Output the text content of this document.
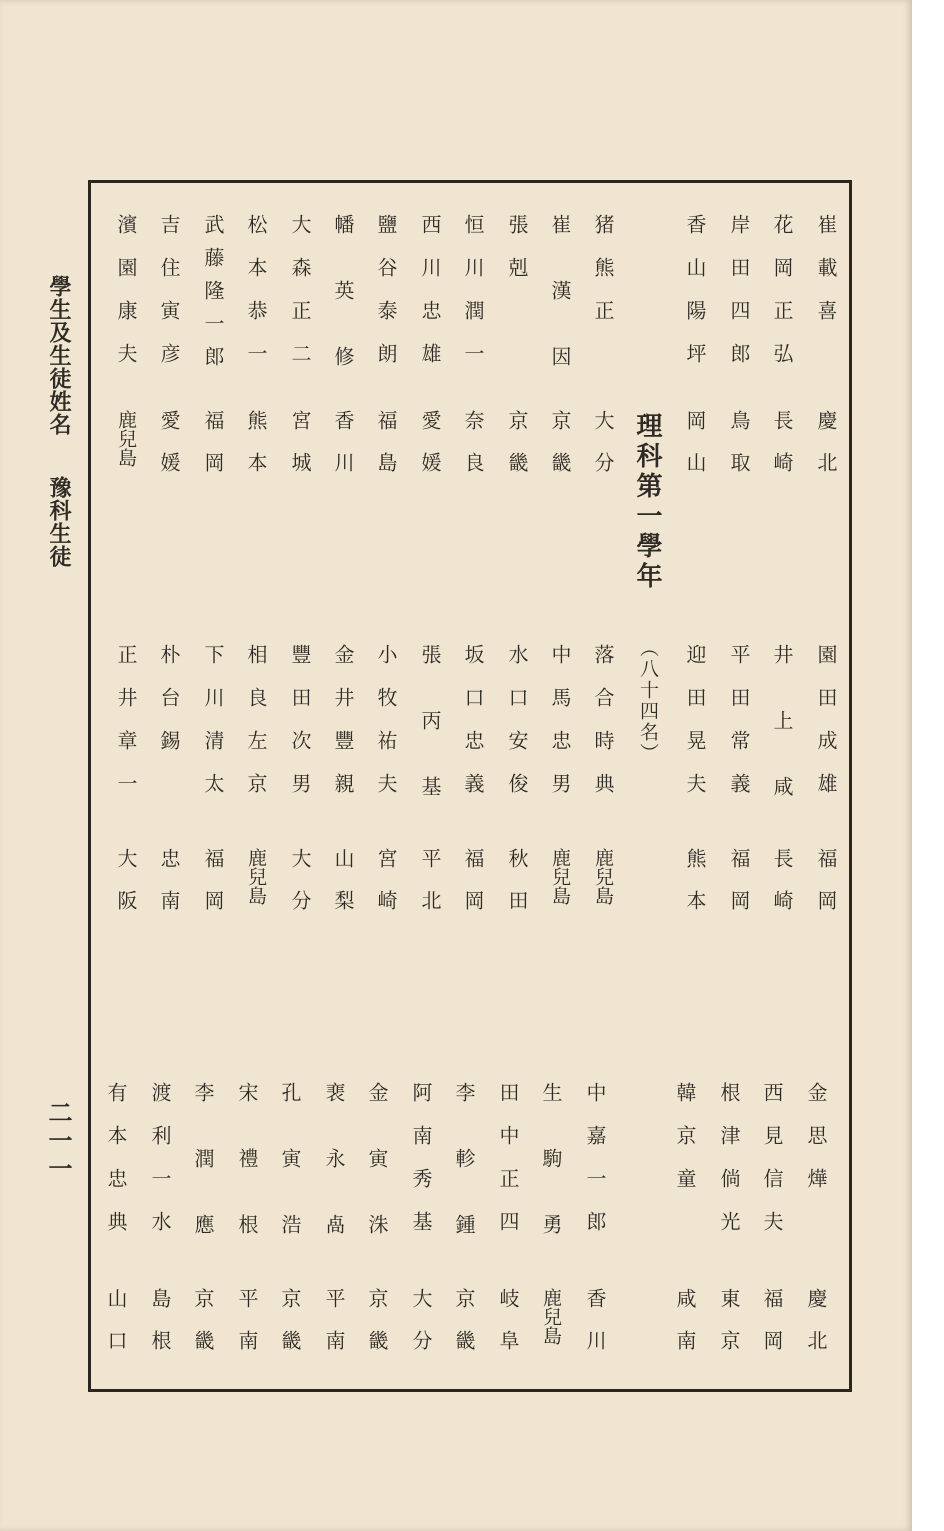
學生及生徒姓名豫科生徒
二一一
崔載喜
慶北
花岡正弘
長崎
岸田四郎
鳥取
香山陽坪
岡山
理科第一學年
（八十四名）
猪熊正
大分
崔漢因
京畿
張剋
京畿
恒川潤一
奈良
西川忠雄
愛媛
鹽谷泰朗
福島
幡英修
香川
大森正二
宮城
松本恭一
熊本
武藤隆一郎
福岡
吉住寅彦
愛媛
濱園康夫
鹿兒島
園田成雄
福岡
井上咸
長崎
平田常義
福岡
迎田晃夫
熊本
落合時典
鹿兒島
中馬忠男
鹿兒島
水口安俊
秋田
坂口忠義
福岡
張丙基
平北
小牧祐夫
宮崎
金井豐親
山梨
豐田次男
大分
相良左京
鹿兒島
下川清太
福岡
朴台錫
忠南
正井章一
大阪
金思燁
慶北
西見信夫
福岡
根津倘光
東京
韓京童
咸南
中嘉一郎
香川
生駒勇
鹿兒島
田中正四
岐阜
李軫鍾
京畿
阿南秀基
大分
金寅洙
京畿
裵永卨
平南
孔寅浩
京畿
宋禮根
平南
李潤應
京畿
渡利一水
島根
有本忠典
山口
